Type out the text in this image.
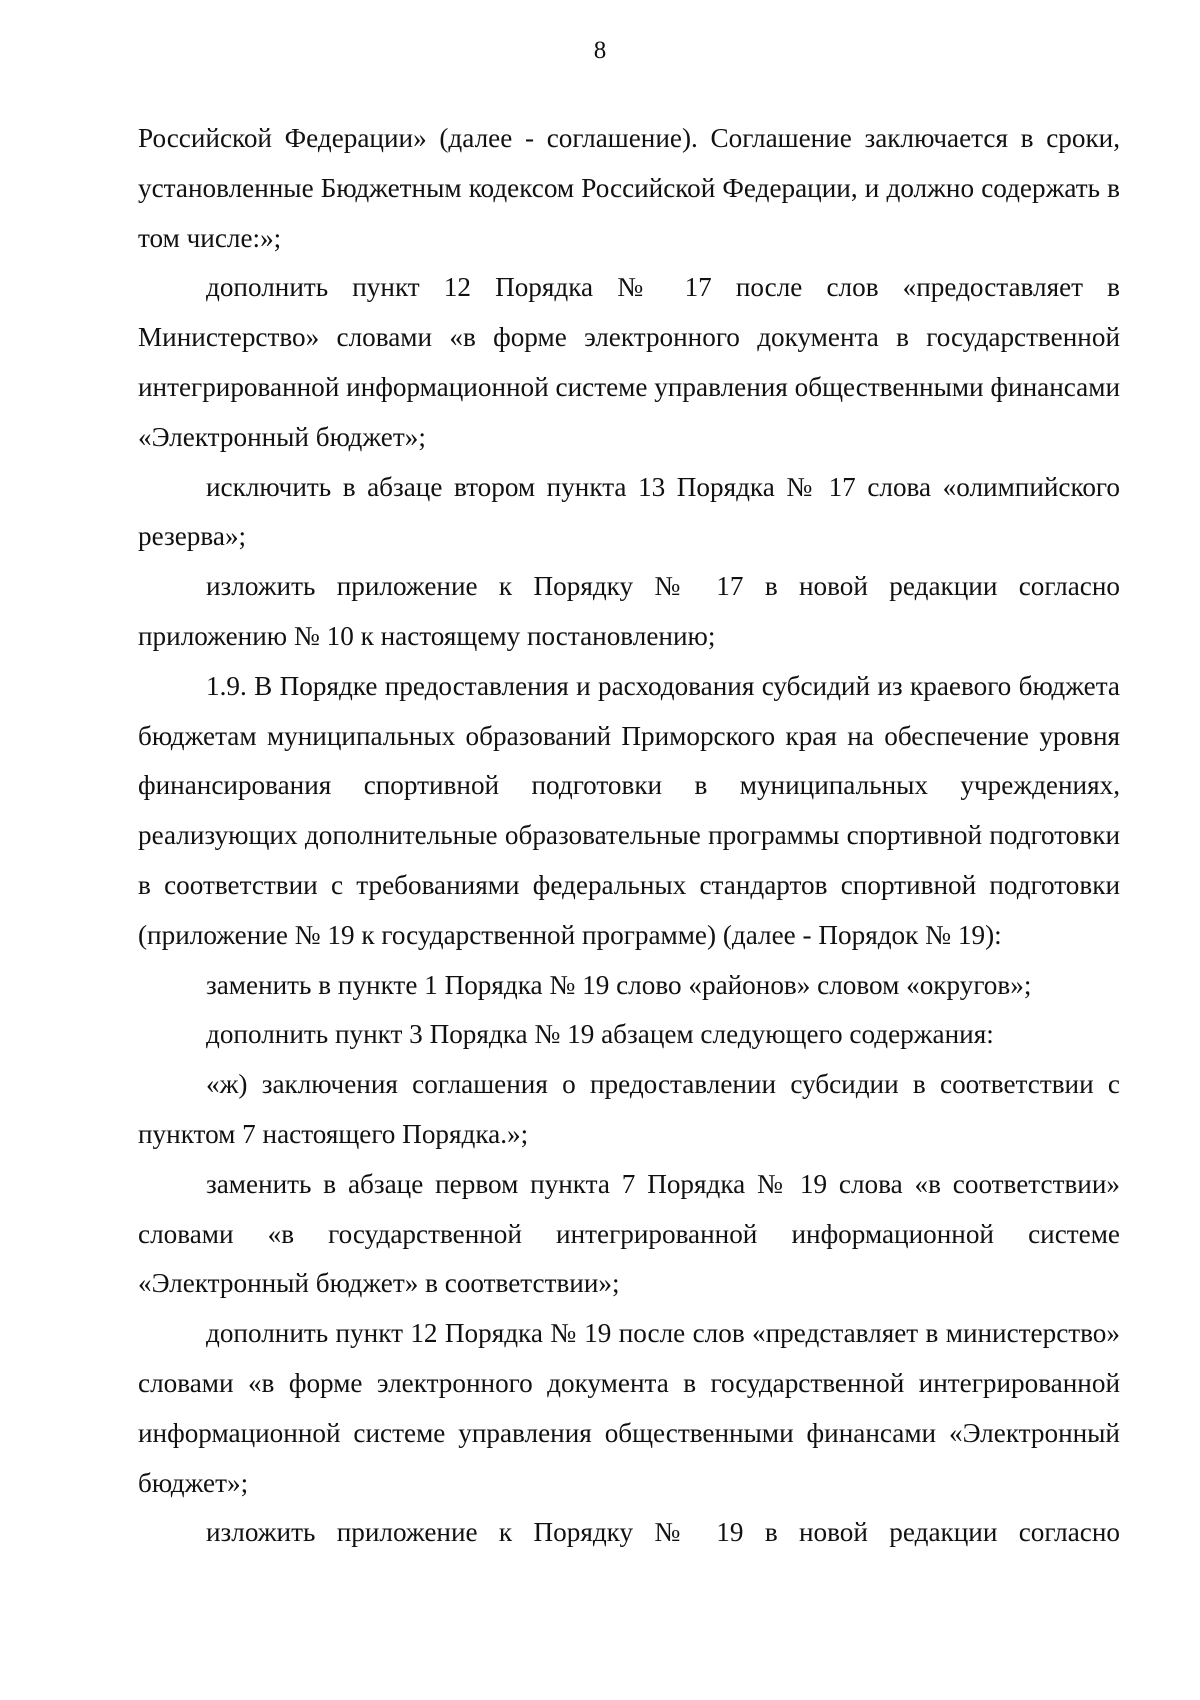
8

Российской Федерации» (далее - соглашение). Соглашение заключается в сроки, установленные Бюджетным кодексом Российской Федерации, и должно содержать в том числе:»;

дополнить пункт 12 Порядка № 17 после слов «предоставляет в Министерство» словами «в форме электронного документа в государственной интегрированной информационной системе управления общественными финансами «Электронный бюджет»;

исключить в абзаце втором пункта 13 Порядка № 17 слова «олимпийского резерва»;

изложить приложение к Порядку № 17 в новой редакции согласно приложению № 10 к настоящему постановлению;

1.9. В Порядке предоставления и расходования субсидий из краевого бюджета бюджетам муниципальных образований Приморского края на обеспечение уровня финансирования спортивной подготовки в муниципальных учреждениях, реализующих дополнительные образовательные программы спортивной подготовки в соответствии с требованиями федеральных стандартов спортивной подготовки (приложение № 19 к государственной программе) (далее - Порядок № 19):

заменить в пункте 1 Порядка № 19 слово «районов» словом «округов»;

дополнить пункт 3 Порядка № 19 абзацем следующего содержания:

«ж) заключения соглашения о предоставлении субсидии в соответствии с пунктом 7 настоящего Порядка.»;

заменить в абзаце первом пункта 7 Порядка № 19 слова «в соответствии» словами «в государственной интегрированной информационной системе «Электронный бюджет» в соответствии»;

дополнить пункт 12 Порядка № 19 после слов «представляет в министерство» словами «в форме электронного документа в государственной интегрированной информационной системе управления общественными финансами «Электронный бюджет»;

изложить приложение к Порядку № 19 в новой редакции согласно
